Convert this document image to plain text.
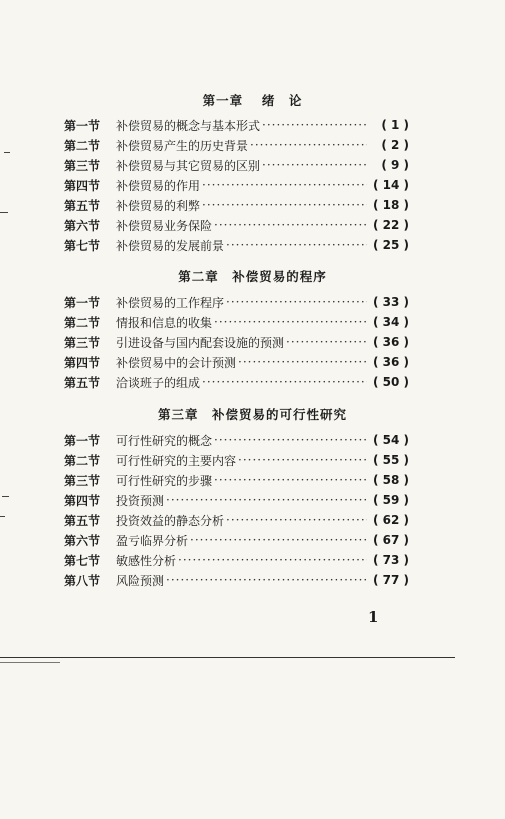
第一章　 绪　论
第一节	补偿贸易的概念与基本形式 ·····	( 1 )
第二节	补偿贸易产生的历史背景 ·····	( 2 )
第三节	补偿贸易与其它贸易的区别 ·····	( 9 )
第四节	补偿贸易的作用 ·····	( 14 )
第五节	补偿贸易的利弊 ·····	( 18 )
第六节	补偿贸易业务保险 ·····	( 22 )
第七节	补偿贸易的发展前景 ·····	( 25 )
第二章　补偿贸易的程序
第一节	补偿贸易的工作程序 ·····	( 33 )
第二节	情报和信息的收集 ·····	( 34 )
第三节	引进设备与国内配套设施的预测 ·····	( 36 )
第四节	补偿贸易中的会计预测 ·····	( 36 )
第五节	洽谈班子的组成 ·····	( 50 )
第三章　补偿贸易的可行性研究
第一节	可行性研究的概念 ·····	( 54 )
第二节	可行性研究的主要内容 ·····	( 55 )
第三节	可行性研究的步骤 ·····	( 58 )
第四节	投资预测 ·····	( 59 )
第五节	投资效益的静态分析 ·····	( 62 )
第六节	盈亏临界分析 ·····	( 67 )
第七节	敏感性分析 ·····	( 73 )
第八节	风险预测 ·····	( 77 )
1
